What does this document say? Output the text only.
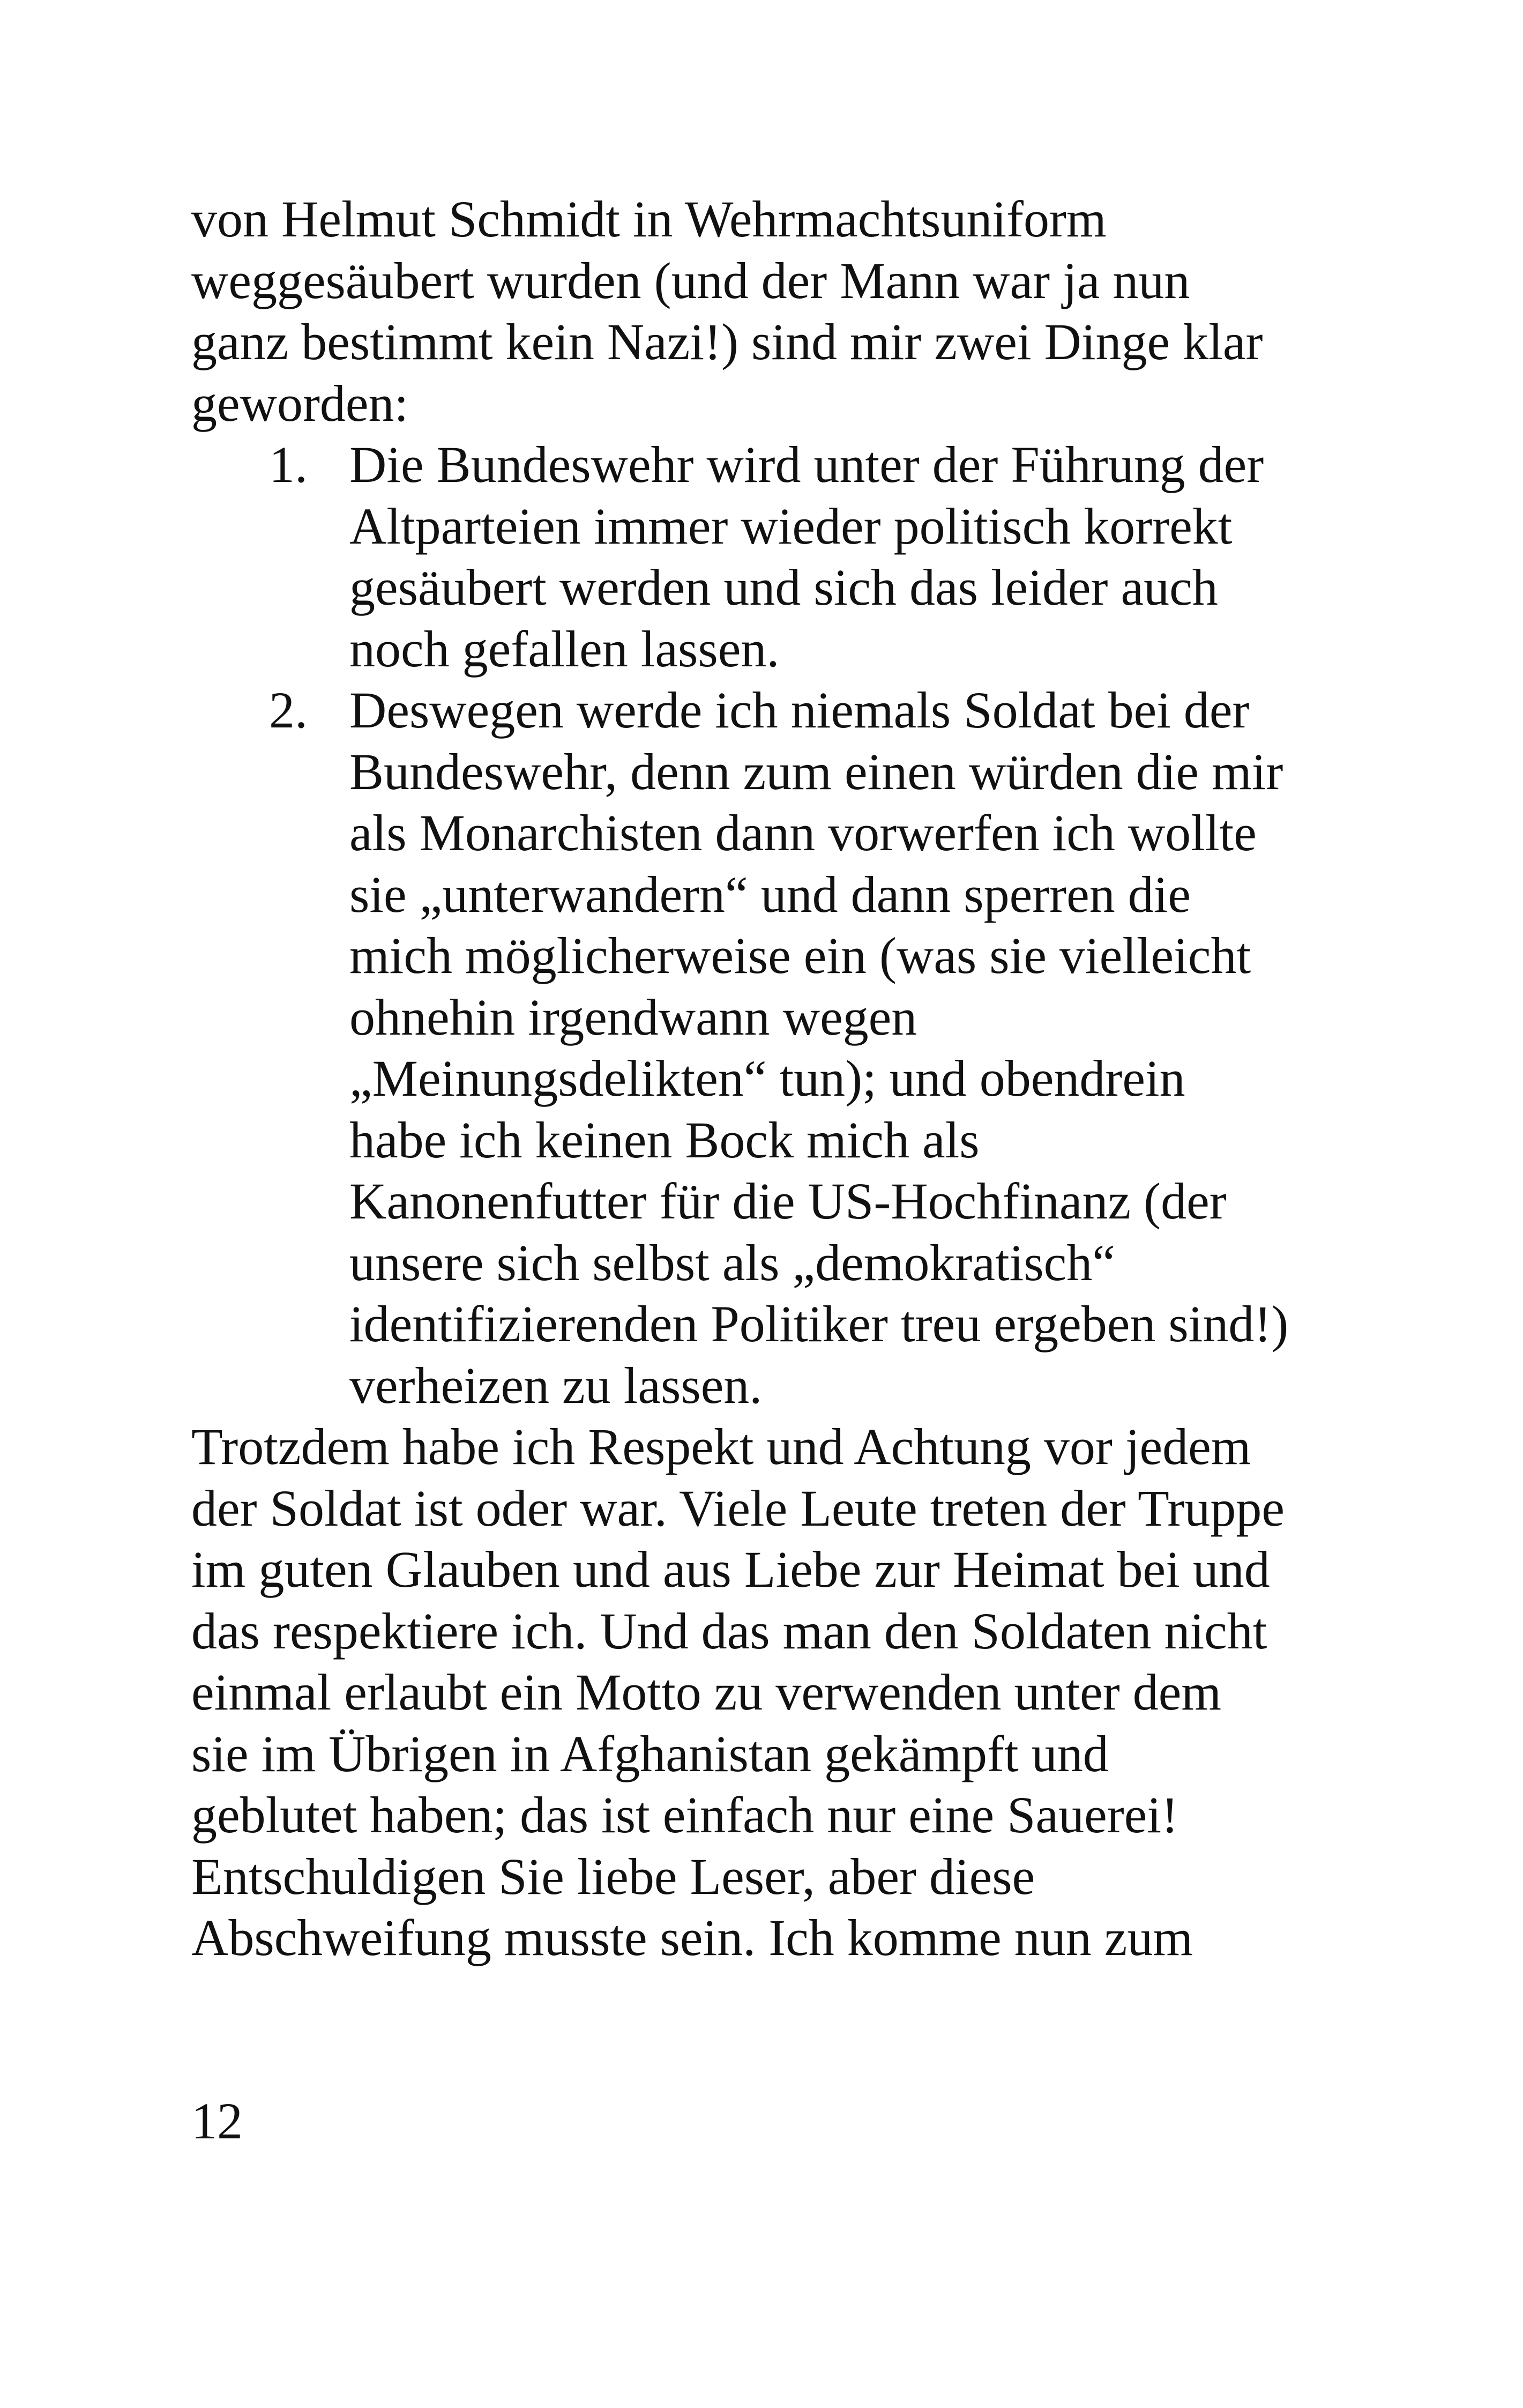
von Helmut Schmidt in Wehrmachtsuniform
weggesäubert wurden (und der Mann war ja nun
ganz bestimmt kein Nazi!) sind mir zwei Dinge klar
geworden:
1. Die Bundeswehr wird unter der Führung der
Altparteien immer wieder politisch korrekt
gesäubert werden und sich das leider auch
noch gefallen lassen.
2. Deswegen werde ich niemals Soldat bei der
Bundeswehr, denn zum einen würden die mir
als Monarchisten dann vorwerfen ich wollte
sie „unterwandern“ und dann sperren die
mich möglicherweise ein (was sie vielleicht
ohnehin irgendwann wegen
„Meinungsdelikten“ tun); und obendrein
habe ich keinen Bock mich als
Kanonenfutter für die US-Hochfinanz (der
unsere sich selbst als „demokratisch“
identifizierenden Politiker treu ergeben sind!)
verheizen zu lassen.
Trotzdem habe ich Respekt und Achtung vor jedem
der Soldat ist oder war. Viele Leute treten der Truppe
im guten Glauben und aus Liebe zur Heimat bei und
das respektiere ich. Und das man den Soldaten nicht
einmal erlaubt ein Motto zu verwenden unter dem
sie im Übrigen in Afghanistan gekämpft und
geblutet haben; das ist einfach nur eine Sauerei!
Entschuldigen Sie liebe Leser, aber diese
Abschweifung musste sein. Ich komme nun zum
12
